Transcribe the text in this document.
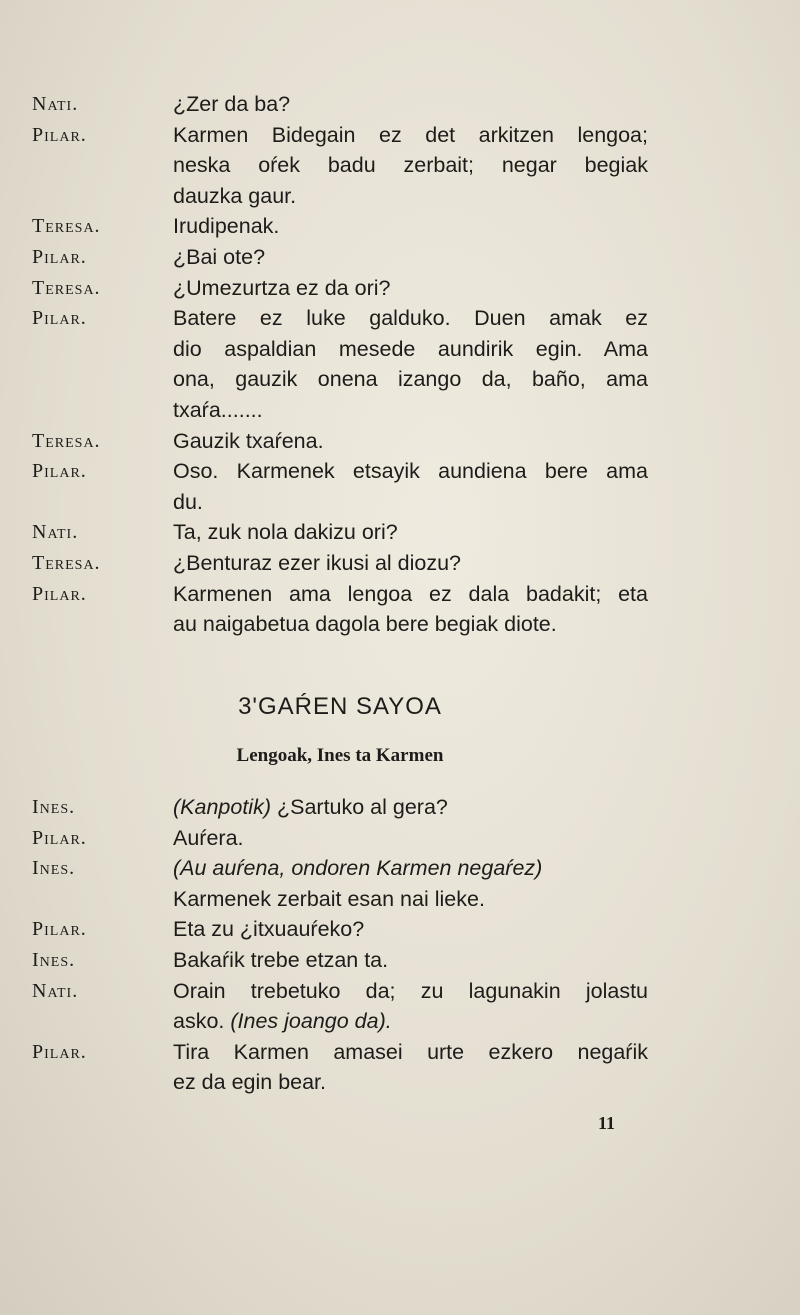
Nati.	¿Zer da ba?
Pilar.	Karmen Bidegain ez det arkitzen lengoa;
neska oŕek badu zerbait; negar begiak
dauzka gaur.
Teresa.	Irudipenak.
Pilar.	¿Bai ote?
Teresa.	¿Umezurtza ez da ori?
Pilar.	Batere ez luke galduko. Duen amak ez
dio aspaldian mesede aundirik egin. Ama
ona, gauzik onena izango da, baño, ama
txaŕa.......
Teresa.	Gauzik txaŕena.
Pilar.	Oso. Karmenek etsayik aundiena bere ama
du.
Nati.	Ta, zuk nola dakizu ori?
Teresa.	¿Benturaz ezer ikusi al diozu?
Pilar.	Karmenen ama lengoa ez dala badakit; eta
au naigabetua dagola bere begiak diote.
3'GAŔEN SAYOA
Lengoak, Ines ta Karmen
Ines.	(Kanpotik) ¿Sartuko al gera?
Pilar.	Auŕera.
Ines.	(Au auŕena, ondoren Karmen negaŕez)
Karmenek zerbait esan nai lieke.
Pilar.	Eta zu ¿itxuauŕeko?
Ines.	Bakaŕik trebe etzan ta.
Nati.	Orain trebetuko da; zu lagunakin jolastu
asko. (Ines joango da).
Pilar.	Tira Karmen amasei urte ezkero negaŕik
ez da egin bear.
11
